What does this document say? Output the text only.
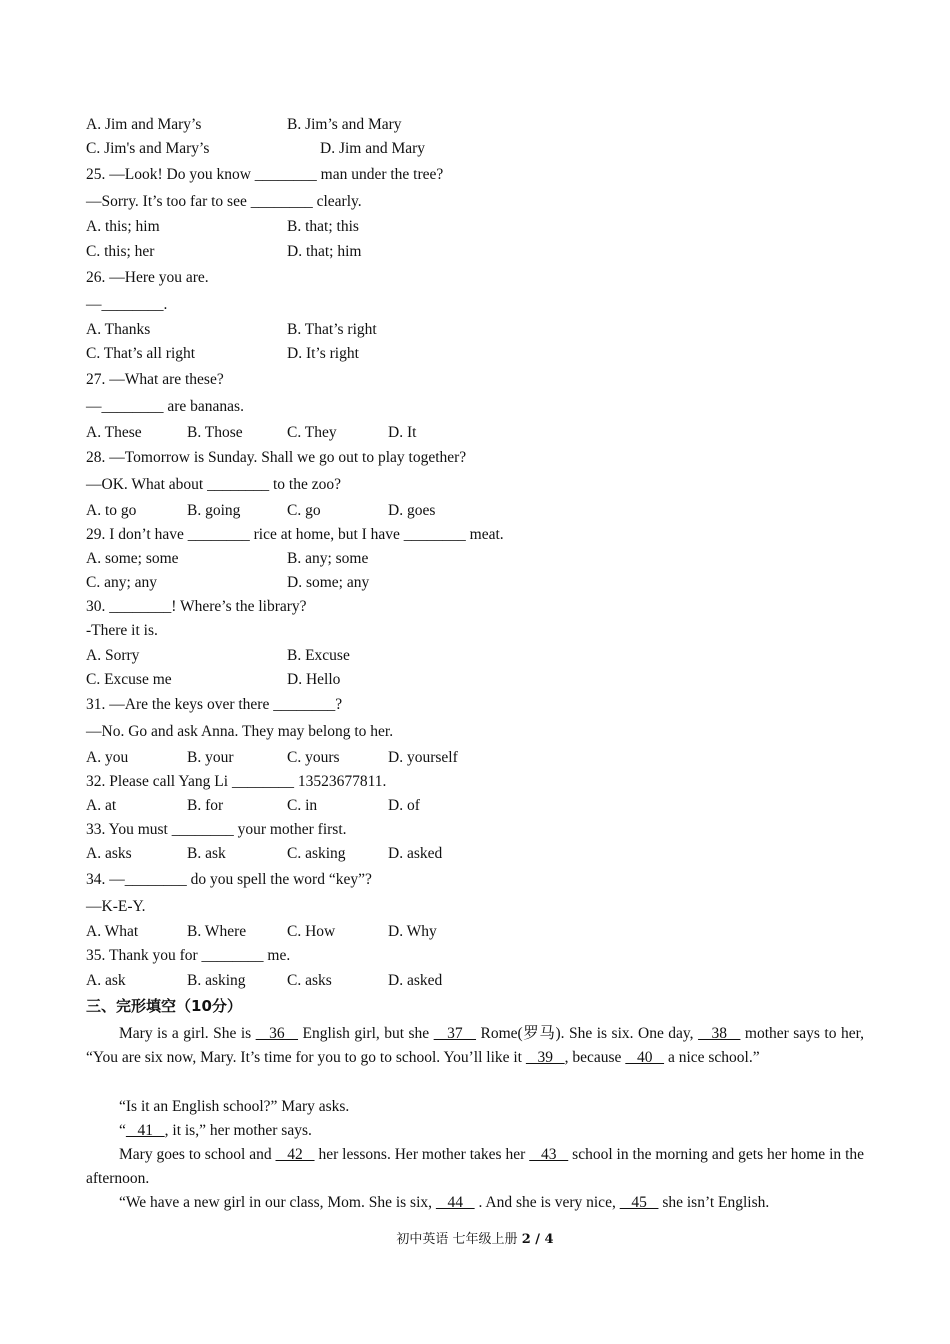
A. Jim and Mary’s	B. Jim’s and Mary
C. Jim's and Mary’s	D. Jim and Mary
25. —Look! Do you know ________ man under the tree?
—Sorry. It’s too far to see ________ clearly.
A. this; him	B. that; this
C. this; her	D. that; him
26. —Here you are.
—________.
A. Thanks	B. That’s right
C. That’s all right	D. It’s right
27. —What are these?
—________ are bananas.
A. These	B. Those	C. They	D. It
28. —Tomorrow is Sunday. Shall we go out to play together?
—OK. What about ________ to the zoo?
A. to go	B. going	C. go	D. goes
29. I don’t have ________ rice at home, but I have ________ meat.
A. some; some	B. any; some
C. any; any	D. some; any
30. ________! Where’s the library?
-There it is.
A. Sorry	B. Excuse
C. Excuse me	D. Hello
31. —Are the keys over there ________?
—No. Go and ask Anna. They may belong to her.
A. you	B. your	C. yours	D. yourself
32. Please call Yang Li ________ 13523677811.
A. at	B. for	C. in	D. of
33. You must ________ your mother first.
A. asks	B. ask	C. asking	D. asked
34. —________ do you spell the word “key”?
—K-E-Y.
A. What	B. Where	C. How	D. Why
35. Thank you for ________ me.
A. ask	B. asking	C. asks	D. asked
三、完形填空（10分）
Mary is a girl. She is    36    English girl, but she    37    Rome(罗马). She is six. One day,    38    mother says to her, “You are six now, Mary. It’s time for you to go to school. You’ll like it    39   , because    40    a nice school.”
“Is it an English school?” Mary asks.
“   41   , it is,” her mother says.
Mary goes to school and    42    her lessons. Her mother takes her    43    school in the morning and gets her home in the afternoon.
“We have a new girl in our class, Mom. She is six,    44    . And she is very nice,    45    she isn’t English.
初中英语 七年级上册 2 / 4
